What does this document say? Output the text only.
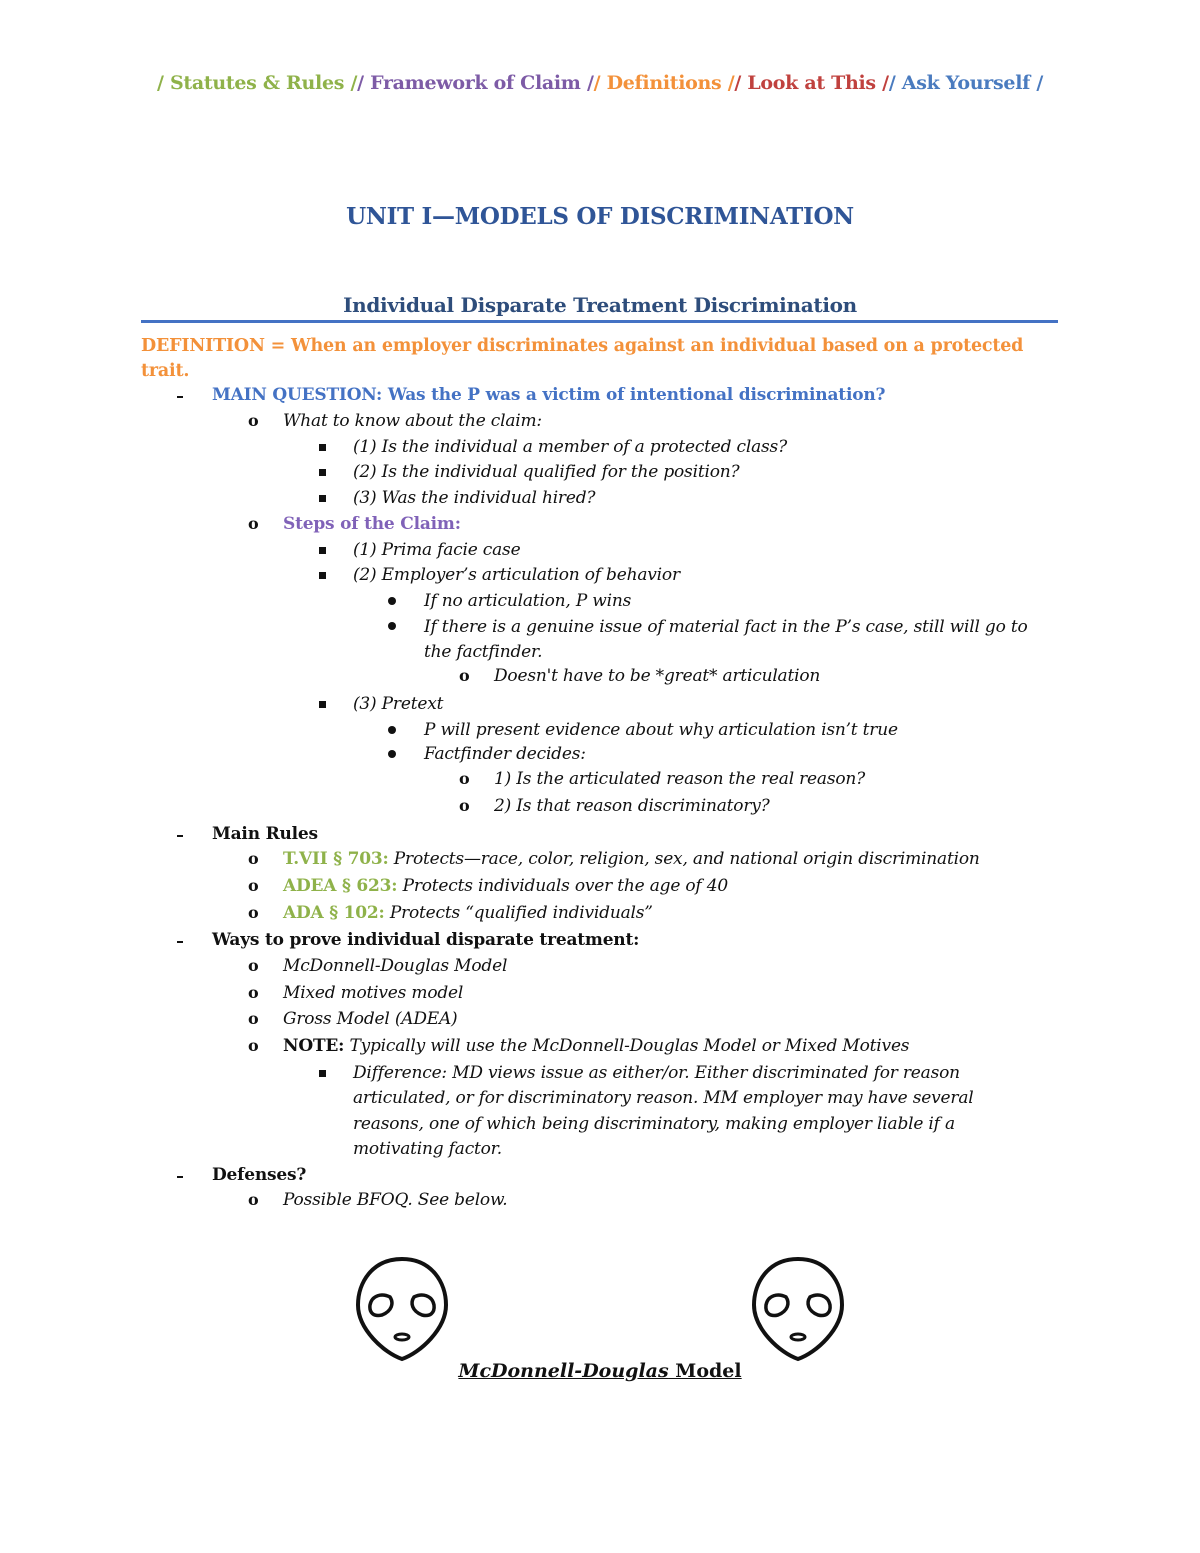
/ Statutes & Rules // Framework of Claim // Definitions // Look at This // Ask Yourself /
UNIT I—MODELS OF DISCRIMINATION
Individual Disparate Treatment Discrimination
DEFINITION = When an employer discriminates against an individual based on a protected trait.
MAIN QUESTION: Was the P was a victim of intentional discrimination?
o What to know about the claim:
(1) Is the individual a member of a protected class?
(2) Is the individual qualified for the position?
(3) Was the individual hired?
o Steps of the Claim:
(1) Prima facie case
(2) Employer’s articulation of behavior
If no articulation, P wins
If there is a genuine issue of material fact in the P’s case, still will go to
the factfinder.
o Doesn't have to be *great* articulation
(3) Pretext
P will present evidence about why articulation isn’t true
Factfinder decides:
o 1) Is the articulated reason the real reason?
o 2) Is that reason discriminatory?
Main Rules
o T.VII § 703: Protects—race, color, religion, sex, and national origin discrimination
o ADEA § 623: Protects individuals over the age of 40
o ADA § 102: Protects “qualified individuals”
Ways to prove individual disparate treatment:
o McDonnell-Douglas Model
o Mixed motives model
o Gross Model (ADEA)
o NOTE: Typically will use the McDonnell-Douglas Model or Mixed Motives
Difference: MD views issue as either/or. Either discriminated for reason
articulated, or for discriminatory reason. MM employer may have several
reasons, one of which being discriminatory, making employer liable if a
motivating factor.
Defenses?
o Possible BFOQ. See below.
McDonnell-Douglas Model
